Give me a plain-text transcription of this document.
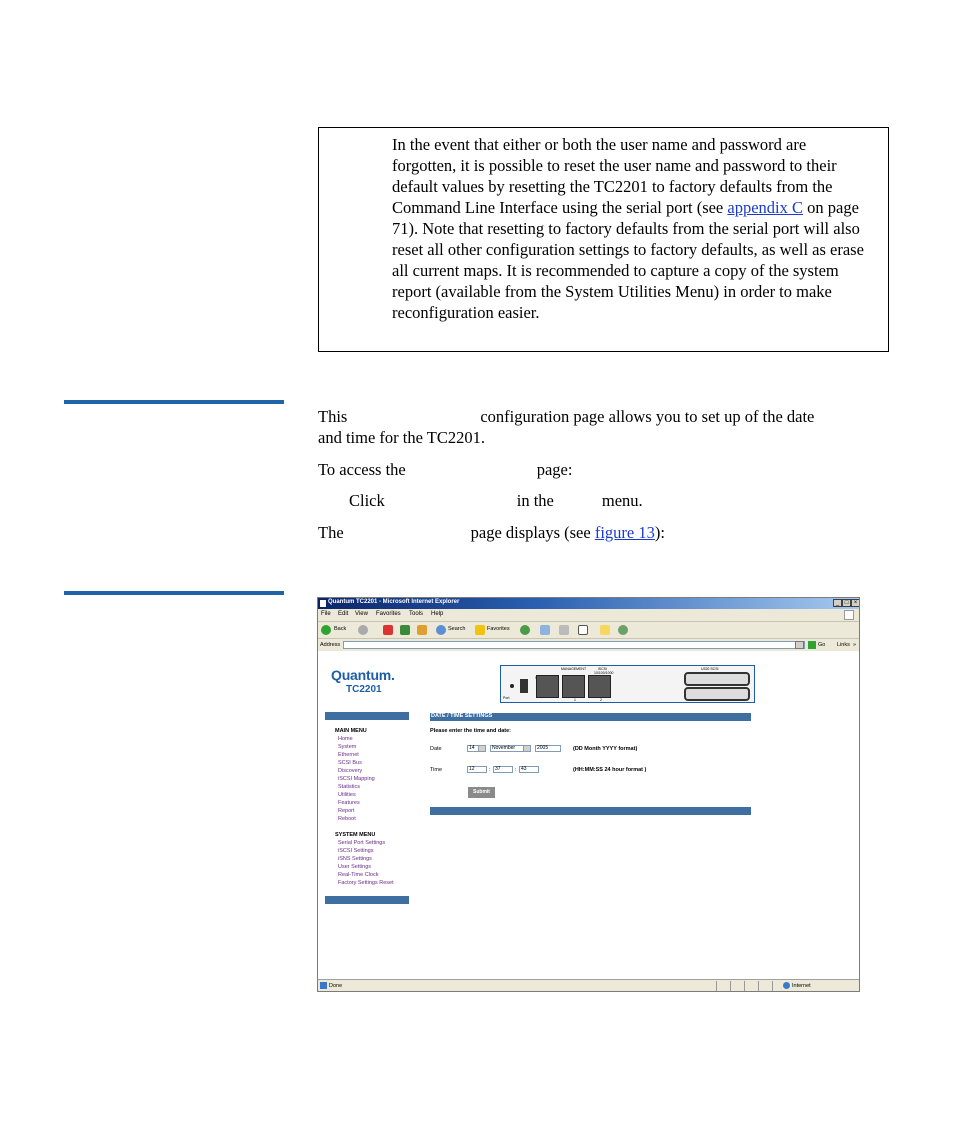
In the event that either or both the user name and password are forgotten, it is possible to reset the user name and password to their default values by resetting the TC2201 to factory defaults from the Command Line Interface using the serial port (see appendix C on page 71). Note that resetting to factory defaults from the serial port will also reset all other configuration settings to factory defaults, as well as erase all current maps. It is recommended to capture a copy of the system report (available from the System Utilities Menu) in order to make reconfiguration easier.
This	configuration page allows you to set up of the date
and time for the TC2201.
To access the	page:
Click	in the	menu.
The	page displays (see figure 13):
Quantum TC2201 - Microsoft Internet Explorer	_ □ ×
File Edit View Favorites Tools Help
Back	Search	Favorites
Address	Go Links »
Quantum.
TC2201
MANAGEMENT	iSCSI
10/100/1000
U320 SCSI
Port	1	2
MAIN MENU
Home
System
Ethernet
SCSI Bus
Discovery
iSCSI Mapping
Statistics
Utilities
Features
Report
Reboot
SYSTEM MENU
Serial Port Settings
iSCSI Settings
iSNS Settings
User Settings
Real-Time Clock
Factory Settings Reset
DATE / TIME SETTINGS
Please enter the time and date:
Date	14	November	2005	(DD Month YYYY format)
Time	12	: 37	: 43	(HH:MM:SS 24 hour format )
Submit
Done	Internet
